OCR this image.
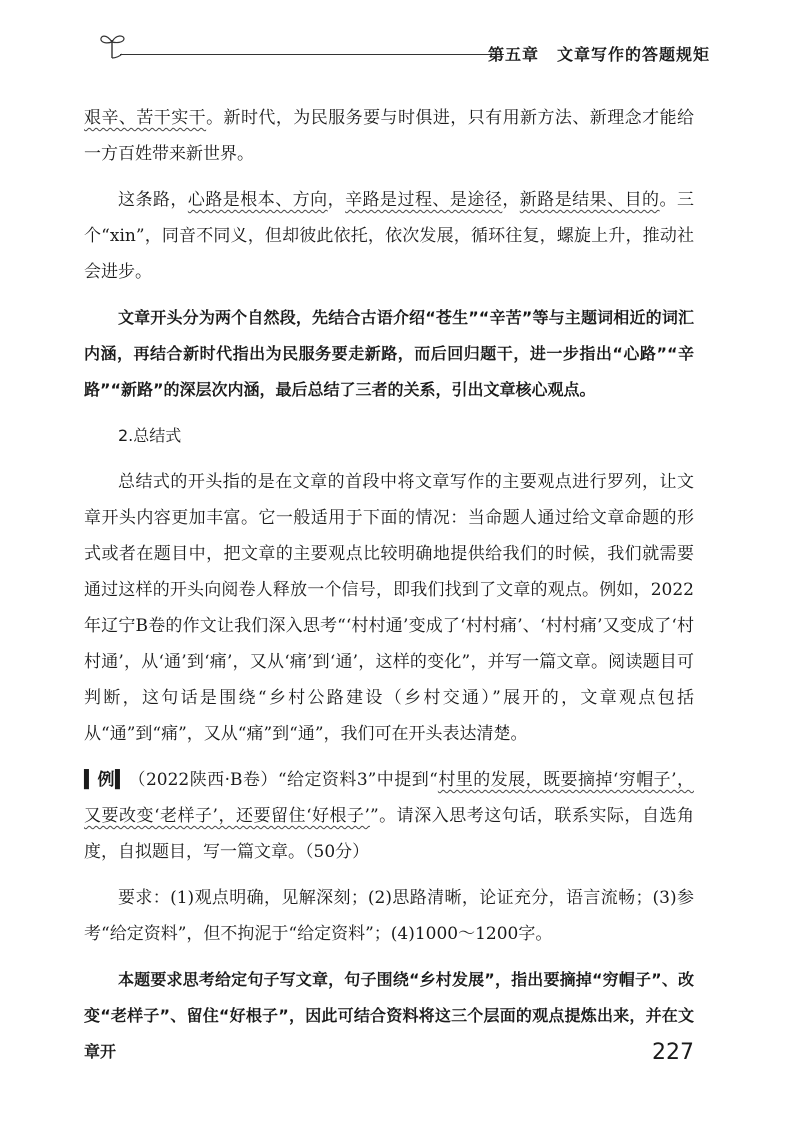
第五章 文章写作的答题规矩

艰辛、苦干实干。新时代，为民服务要与时俱进，只有用新方法、新理念才能给一方百姓带来新世界。

这条路，心路是根本、方向，辛路是过程、是途径，新路是结果、目的。三个“xin”，同音不同义，但却彼此依托，依次发展，循环往复，螺旋上升，推动社会进步。

文章开头分为两个自然段，先结合古语介绍“苍生”“辛苦”等与主题词相近的词汇内涵，再结合新时代指出为民服务要走新路，而后回归题干，进一步指出“心路”“辛路”“新路”的深层次内涵，最后总结了三者的关系，引出文章核心观点。

2.总结式

总结式的开头指的是在文章的首段中将文章写作的主要观点进行罗列，让文章开头内容更加丰富。它一般适用于下面的情况：当命题人通过给文章命题的形式或者在题目中，把文章的主要观点比较明确地提供给我们的时候，我们就需要通过这样的开头向阅卷人释放一个信号，即我们找到了文章的观点。例如，2022年辽宁B卷的作文让我们深入思考“‘村村通’变成了‘村村痛’、‘村村痛’又变成了‘村村通’，从‘通’到‘痛’，又从‘痛’到‘通’，这样的变化”，并写一篇文章。阅读题目可判断，这句话是围绕“乡村公路建设（乡村交通）”展开的，文章观点包括从“通”到“痛”，又从“痛”到“通”，我们可在开头表达清楚。

▍例▍（2022陕西·B卷）“给定资料3”中提到“村里的发展，既要摘掉‘穷帽子’，又要改变‘老样子’，还要留住‘好根子’”。请深入思考这句话，联系实际，自选角度，自拟题目，写一篇文章。（50分）

要求：(1)观点明确，见解深刻；(2)思路清晰，论证充分，语言流畅；(3)参考“给定资料”，但不拘泥于“给定资料”；(4)1000～1200字。

本题要求思考给定句子写文章，句子围绕“乡村发展”，指出要摘掉“穷帽子”、改变“老样子”、留住“好根子”，因此可结合资料将这三个层面的观点提炼出来，并在文章开	227
